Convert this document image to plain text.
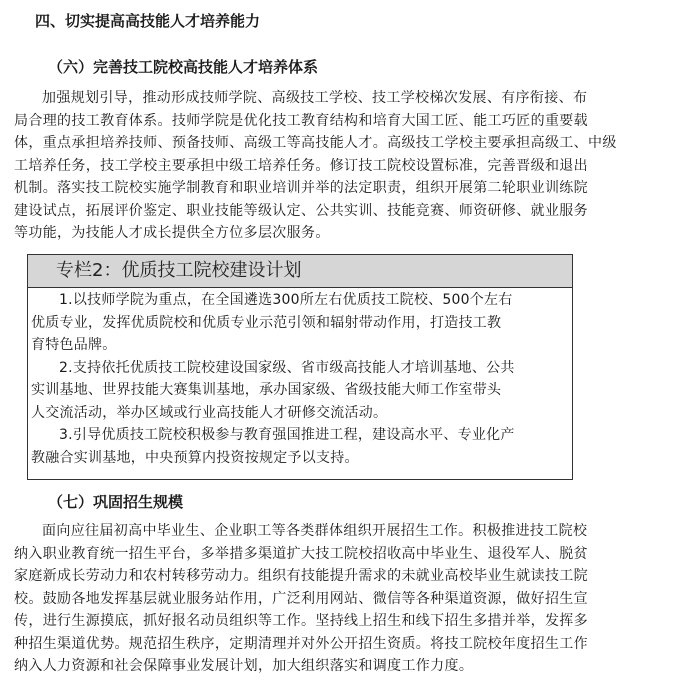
四、切实提高高技能人才培养能力
（六）完善技工院校高技能人才培养体系
加强规划引导，推动形成技师学院、高级技工学校、技工学校梯次发展、有序衔接、布
局合理的技工教育体系。技师学院是优化技工教育结构和培育大国工匠、能工巧匠的重要载
体，重点承担培养技师、预备技师、高级工等高技能人才。高级技工学校主要承担高级工、中级
工培养任务，技工学校主要承担中级工培养任务。修订技工院校设置标准，完善晋级和退出
机制。落实技工院校实施学制教育和职业培训并举的法定职责，组织开展第二轮职业训练院
建设试点，拓展评价鉴定、职业技能等级认定、公共实训、技能竞赛、师资研修、就业服务
等功能，为技能人才成长提供全方位多层次服务。
专栏2：优质技工院校建设计划
1.以技师学院为重点，在全国遴选300所左右优质技工院校、500个左右
优质专业，发挥优质院校和优质专业示范引领和辐射带动作用，打造技工教
育特色品牌。
2.支持依托优质技工院校建设国家级、省市级高技能人才培训基地、公共
实训基地、世界技能大赛集训基地，承办国家级、省级技能大师工作室带头
人交流活动，举办区域或行业高技能人才研修交流活动。
3.引导优质技工院校积极参与教育强国推进工程，建设高水平、专业化产
教融合实训基地，中央预算内投资按规定予以支持。
（七）巩固招生规模
面向应往届初高中毕业生、企业职工等各类群体组织开展招生工作。积极推进技工院校
纳入职业教育统一招生平台，多举措多渠道扩大技工院校招收高中毕业生、退役军人、脱贫
家庭新成长劳动力和农村转移劳动力。组织有技能提升需求的未就业高校毕业生就读技工院
校。鼓励各地发挥基层就业服务站作用，广泛利用网站、微信等各种渠道资源，做好招生宣
传，进行生源摸底，抓好报名动员组织等工作。坚持线上招生和线下招生多措并举，发挥多
种招生渠道优势。规范招生秩序，定期清理并对外公开招生资质。将技工院校年度招生工作
纳入人力资源和社会保障事业发展计划，加大组织落实和调度工作力度。
